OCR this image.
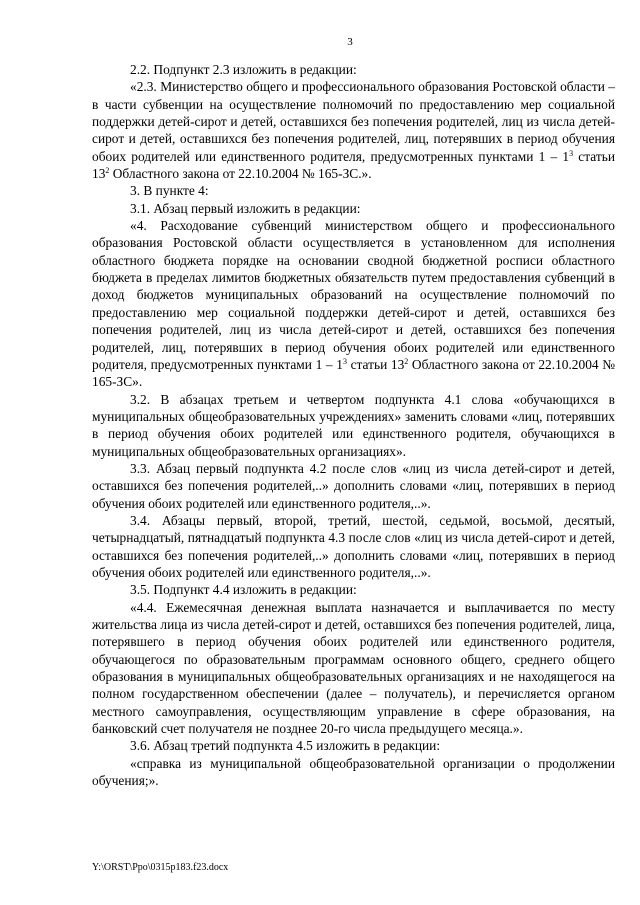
3

2.2. Подпункт 2.3 изложить в редакции:

«2.3. Министерство общего и профессионального образования Ростовской области – в части субвенции на осуществление полномочий по предоставлению мер социальной поддержки детей-сирот и детей, оставшихся без попечения родителей, лиц из числа детей-сирот и детей, оставшихся без попечения родителей, лиц, потерявших в период обучения обоих родителей или единственного родителя, предусмотренных пунктами $1 - 1^3$ статьи $13^2$ Областного закона от 22.10.2004 № 165-ЗС.».

3. В пункте 4:

3.1. Абзац первый изложить в редакции:

«4. Расходование субвенций министерством общего и профессионального образования Ростовской области осуществляется в установленном для исполнения областного бюджета порядке на основании сводной бюджетной росписи областного бюджета в пределах лимитов бюджетных обязательств путем предоставления субвенций в доход бюджетов муниципальных образований на осуществление полномочий по предоставлению мер социальной поддержки детей-сирот и детей, оставшихся без попечения родителей, лиц из числа детей-сирот и детей, оставшихся без попечения родителей, лиц, потерявших в период обучения обоих родителей или единственного родителя, предусмотренных пунктами $1 - 1^3$ статьи $13^2$ Областного закона от 22.10.2004 № 165-ЗС».

3.2. В абзацах третьем и четвертом подпункта 4.1 слова «обучающихся в муниципальных общеобразовательных учреждениях» заменить словами «лиц, потерявших в период обучения обоих родителей или единственного родителя, обучающихся в муниципальных общеобразовательных организациях».

3.3. Абзац первый подпункта 4.2 после слов «лиц из числа детей-сирот и детей, оставшихся без попечения родителей,..» дополнить словами «лиц, потерявших в период обучения обоих родителей или единственного родителя,..».

3.4. Абзацы первый, второй, третий, шестой, седьмой, восьмой, десятый, четырнадцатый, пятнадцатый подпункта 4.3 после слов «лиц из числа детей-сирот и детей, оставшихся без попечения родителей,..» дополнить словами «лиц, потерявших в период обучения обоих родителей или единственного родителя,..».

3.5. Подпункт 4.4 изложить в редакции:

«4.4. Ежемесячная денежная выплата назначается и выплачивается по месту жительства лица из числа детей-сирот и детей, оставшихся без попечения родителей, лица, потерявшего в период обучения обоих родителей или единственного родителя, обучающегося по образовательным программам основного общего, среднего общего образования в муниципальных общеобразовательных организациях и не находящегося на полном государственном обеспечении (далее – получатель), и перечисляется органом местного самоуправления, осуществляющим управление в сфере образования, на банковский счет получателя не позднее 20-го числа предыдущего месяца.».

3.6. Абзац третий подпункта 4.5 изложить в редакции:

«справка из муниципальной общеобразовательной организации о продолжении обучения;».

Y:\ORST\Ppo\0315p183.f23.docx
